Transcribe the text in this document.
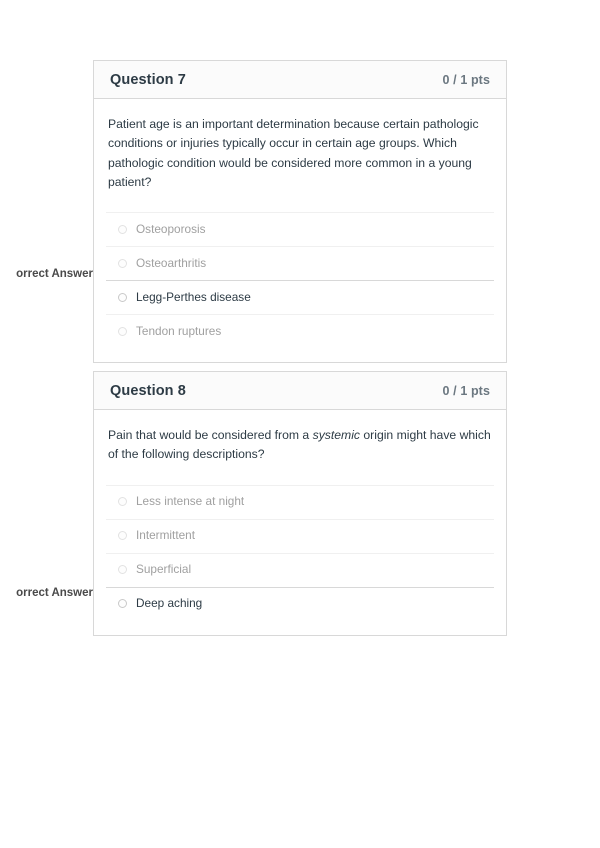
Question 7	0 / 1 pts

Patient age is an important determination because certain pathologic conditions or injuries typically occur in certain age groups. Which pathologic condition would be considered more common in a young patient?

Osteoporosis
Osteoarthritis
Legg-Perthes disease
Tendon ruptures
orrect Answer
Question 8	0 / 1 pts

Pain that would be considered from a systemic origin might have which of the following descriptions?

Less intense at night
Intermittent
Superficial
Deep aching
orrect Answer
